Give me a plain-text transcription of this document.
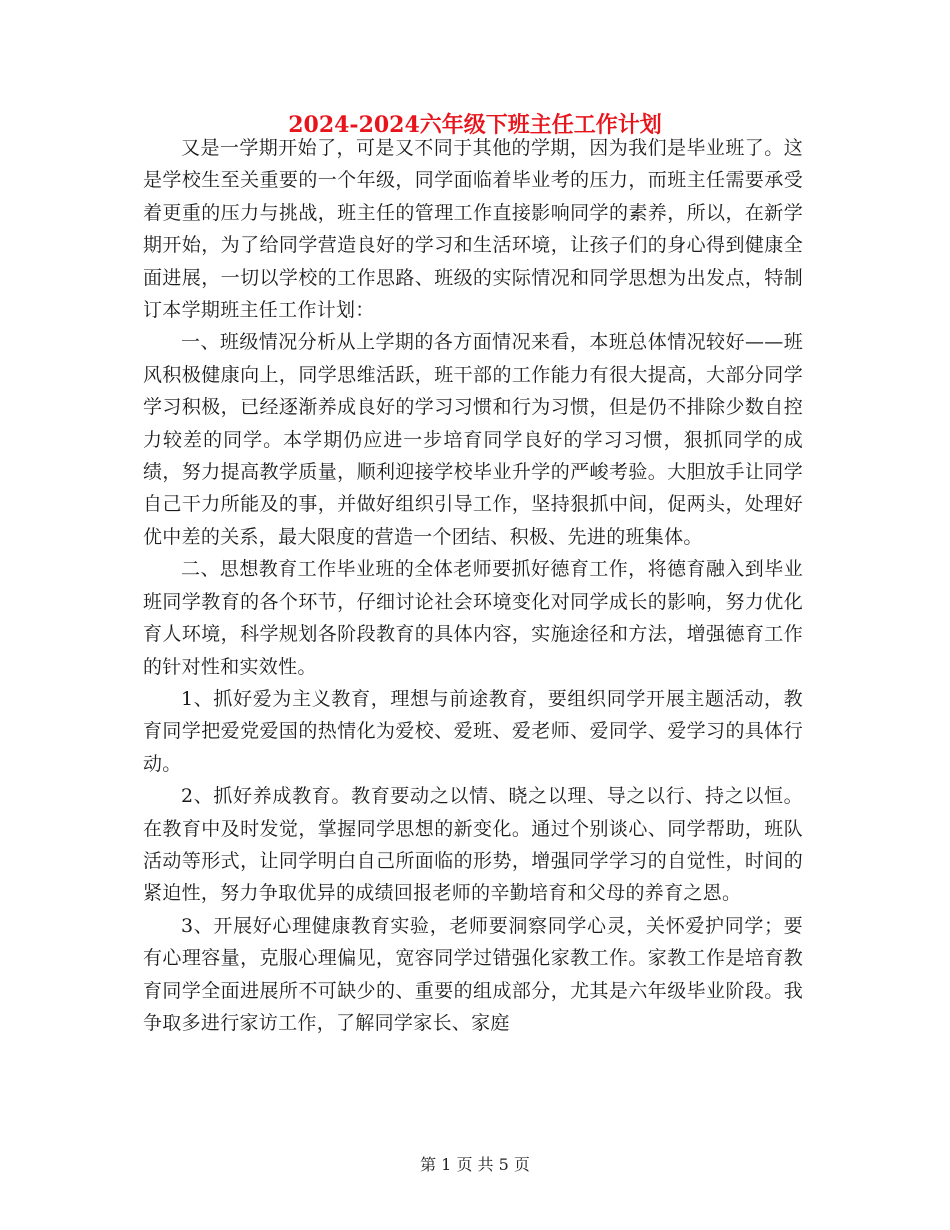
2024-2024六年级下班主任工作计划

又是一学期开始了，可是又不同于其他的学期，因为我们是毕业班了。这是学校生至关重要的一个年级，同学面临着毕业考的压力，而班主任需要承受着更重的压力与挑战，班主任的管理工作直接影响同学的素养，所以，在新学期开始，为了给同学营造良好的学习和生活环境，让孩子们的身心得到健康全面进展，一切以学校的工作思路、班级的实际情况和同学思想为出发点，特制订本学期班主任工作计划：

一、班级情况分析从上学期的各方面情况来看，本班总体情况较好——班风积极健康向上，同学思维活跃，班干部的工作能力有很大提高，大部分同学学习积极，已经逐渐养成良好的学习习惯和行为习惯，但是仍不排除少数自控力较差的同学。本学期仍应进一步培育同学良好的学习习惯，狠抓同学的成绩，努力提高教学质量，顺利迎接学校毕业升学的严峻考验。大胆放手让同学自己干力所能及的事，并做好组织引导工作，坚持狠抓中间，促两头，处理好优中差的关系，最大限度的营造一个团结、积极、先进的班集体。

二、思想教育工作毕业班的全体老师要抓好德育工作，将德育融入到毕业班同学教育的各个环节，仔细讨论社会环境变化对同学成长的影响，努力优化育人环境，科学规划各阶段教育的具体内容，实施途径和方法，增强德育工作的针对性和实效性。

1、抓好爱为主义教育，理想与前途教育，要组织同学开展主题活动，教育同学把爱党爱国的热情化为爱校、爱班、爱老师、爱同学、爱学习的具体行动。

2、抓好养成教育。教育要动之以情、晓之以理、导之以行、持之以恒。在教育中及时发觉，掌握同学思想的新变化。通过个别谈心、同学帮助，班队活动等形式，让同学明白自己所面临的形势，增强同学学习的自觉性，时间的紧迫性，努力争取优异的成绩回报老师的辛勤培育和父母的养育之恩。

3、开展好心理健康教育实验，老师要洞察同学心灵，关怀爱护同学；要有心理容量，克服心理偏见，宽容同学过错强化家教工作。家教工作是培育教育同学全面进展所不可缺少的、重要的组成部分，尤其是六年级毕业阶段。我争取多进行家访工作，了解同学家长、家庭

第 1 页 共 5 页
